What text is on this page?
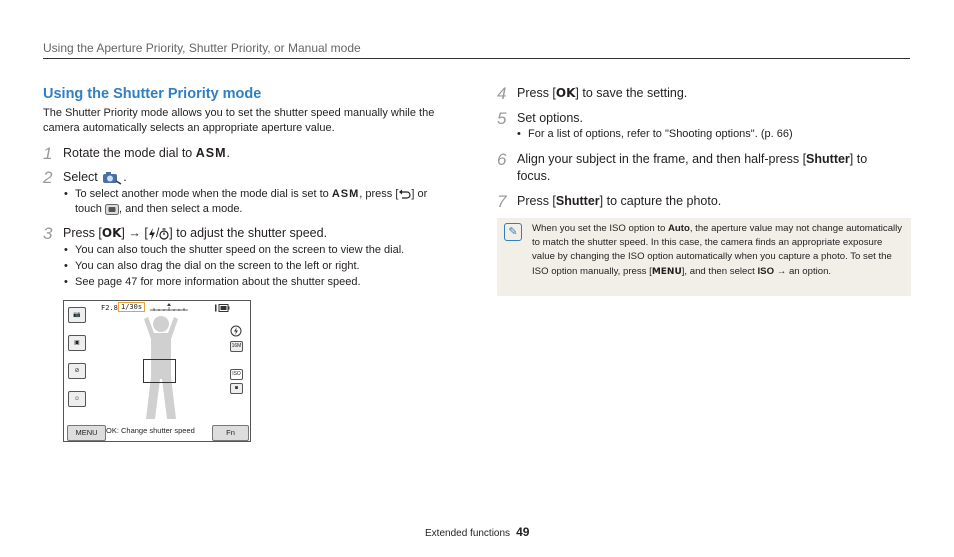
Using the Aperture Priority, Shutter Priority, or Manual mode
Using the Shutter Priority mode
The Shutter Priority mode allows you to set the shutter speed manually while the camera automatically selects an appropriate aperture value.
1 Rotate the mode dial to ASM.
2 Select .
• To select another mode when the mode dial is set to ASM, press [ ] or touch , and then select a mode.
3 Press [OK] → [ / ] to adjust the shutter speed.
• You can also touch the shutter speed on the screen to view the dial.
• You can also drag the dial on the screen to the left or right.
• See page 47 for more information about the shutter speed.
📷
▣
⊘
☺
F2.8 1/30s
16M
ISO
◙
MENU	OK: Change shutter speed	Fn
4 Press [OK] to save the setting.
5 Set options.
• For a list of options, refer to "Shooting options". (p. 66)
6 Align your subject in the frame, and then half-press [Shutter] to focus.
7 Press [Shutter] to capture the photo.
✎	When you set the ISO option to Auto, the aperture value may not change automatically to match the shutter speed. In this case, the camera finds an appropriate exposure value by changing the ISO option automatically when you capture a photo. To set the ISO option manually, press [MENU], and then select ISO → an option.
Extended functions 49
